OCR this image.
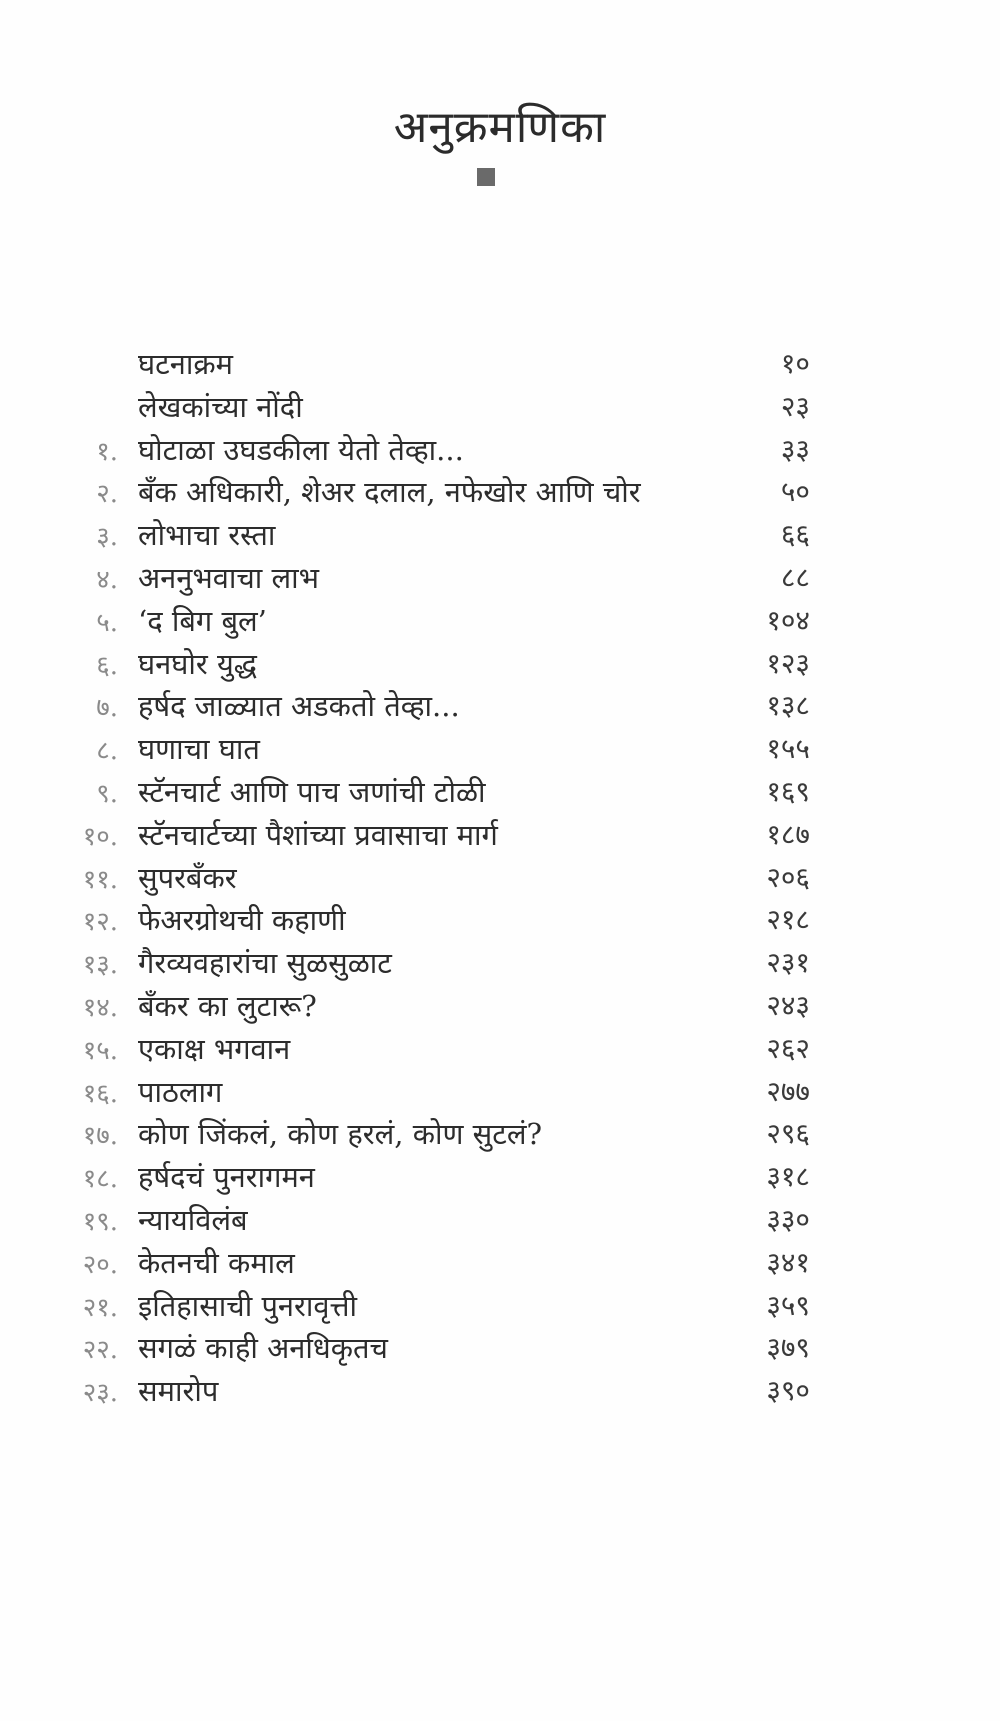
अनुक्रमणिका
घटनाक्रम	१०
लेखकांच्या नोंदी	२३
१. घोटाळा उघडकीला येतो तेव्हा...	३३
२. बँक अधिकारी, शेअर दलाल, नफेखोर आणि चोर	५०
३. लोभाचा रस्ता	६६
४. अननुभवाचा लाभ	८८
५. ‘द बिग बुल’	१०४
६. घनघोर युद्ध	१२३
७. हर्षद जाळ्यात अडकतो तेव्हा...	१३८
८. घणाचा घात	१५५
९. स्टॅनचार्ट आणि पाच जणांची टोळी	१६९
१०. स्टॅनचार्टच्या पैशांच्या प्रवासाचा मार्ग	१८७
११. सुपरबँकर	२०६
१२. फेअरग्रोथची कहाणी	२१८
१३. गैरव्यवहारांचा सुळसुळाट	२३१
१४. बँकर का लुटारू?	२४३
१५. एकाक्ष भगवान	२६२
१६. पाठलाग	२७७
१७. कोण जिंकलं, कोण हरलं, कोण सुटलं?	२९६
१८. हर्षदचं पुनरागमन	३१८
१९. न्यायविलंब	३३०
२०. केतनची कमाल	३४१
२१. इतिहासाची पुनरावृत्ती	३५९
२२. सगळं काही अनधिकृतच	३७९
२३. समारोप	३९०
